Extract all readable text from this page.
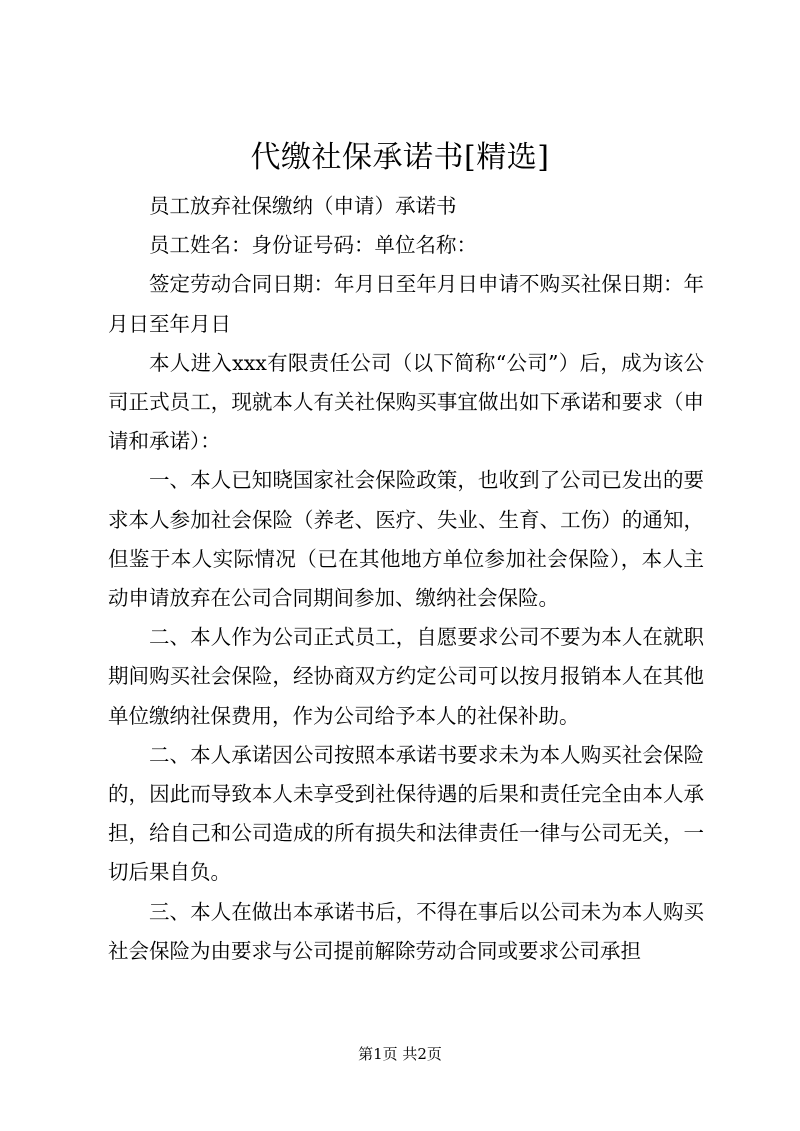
代缴社保承诺书[精选]

员工放弃社保缴纳（申请）承诺书

员工姓名：身份证号码：单位名称：

签定劳动合同日期：年月日至年月日申请不购买社保日期：年月日至年月日

本人进入xxx有限责任公司（以下简称“公司”）后，成为该公司正式员工，现就本人有关社保购买事宜做出如下承诺和要求（申请和承诺）：

一、本人已知晓国家社会保险政策，也收到了公司已发出的要求本人参加社会保险（养老、医疗、失业、生育、工伤）的通知，但鉴于本人实际情况（已在其他地方单位参加社会保险），本人主动申请放弃在公司合同期间参加、缴纳社会保险。

二、本人作为公司正式员工，自愿要求公司不要为本人在就职期间购买社会保险，经协商双方约定公司可以按月报销本人在其他单位缴纳社保费用，作为公司给予本人的社保补助。

二、本人承诺因公司按照本承诺书要求未为本人购买社会保险的，因此而导致本人未享受到社保待遇的后果和责任完全由本人承担，给自己和公司造成的所有损失和法律责任一律与公司无关，一切后果自负。

三、本人在做出本承诺书后，不得在事后以公司未为本人购买社会保险为由要求与公司提前解除劳动合同或要求公司承担

第1页 共2页
